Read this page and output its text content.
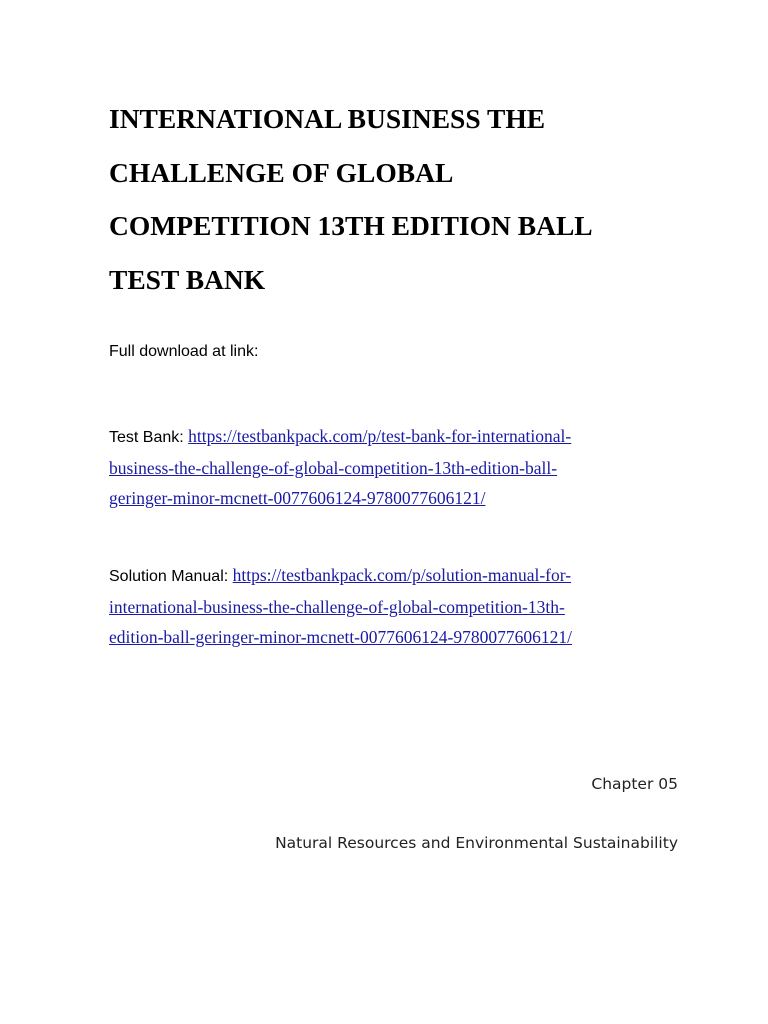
INTERNATIONAL BUSINESS THE
CHALLENGE OF GLOBAL
COMPETITION 13TH EDITION BALL
TEST BANK
Full download at link:
Test Bank: https://testbankpack.com/p/test-bank-for-international-
business-the-challenge-of-global-competition-13th-edition-ball-
geringer-minor-mcnett-0077606124-9780077606121/
Solution Manual: https://testbankpack.com/p/solution-manual-for-
international-business-the-challenge-of-global-competition-13th-
edition-ball-geringer-minor-mcnett-0077606124-9780077606121/
Chapter 05
Natural Resources and Environmental Sustainability
